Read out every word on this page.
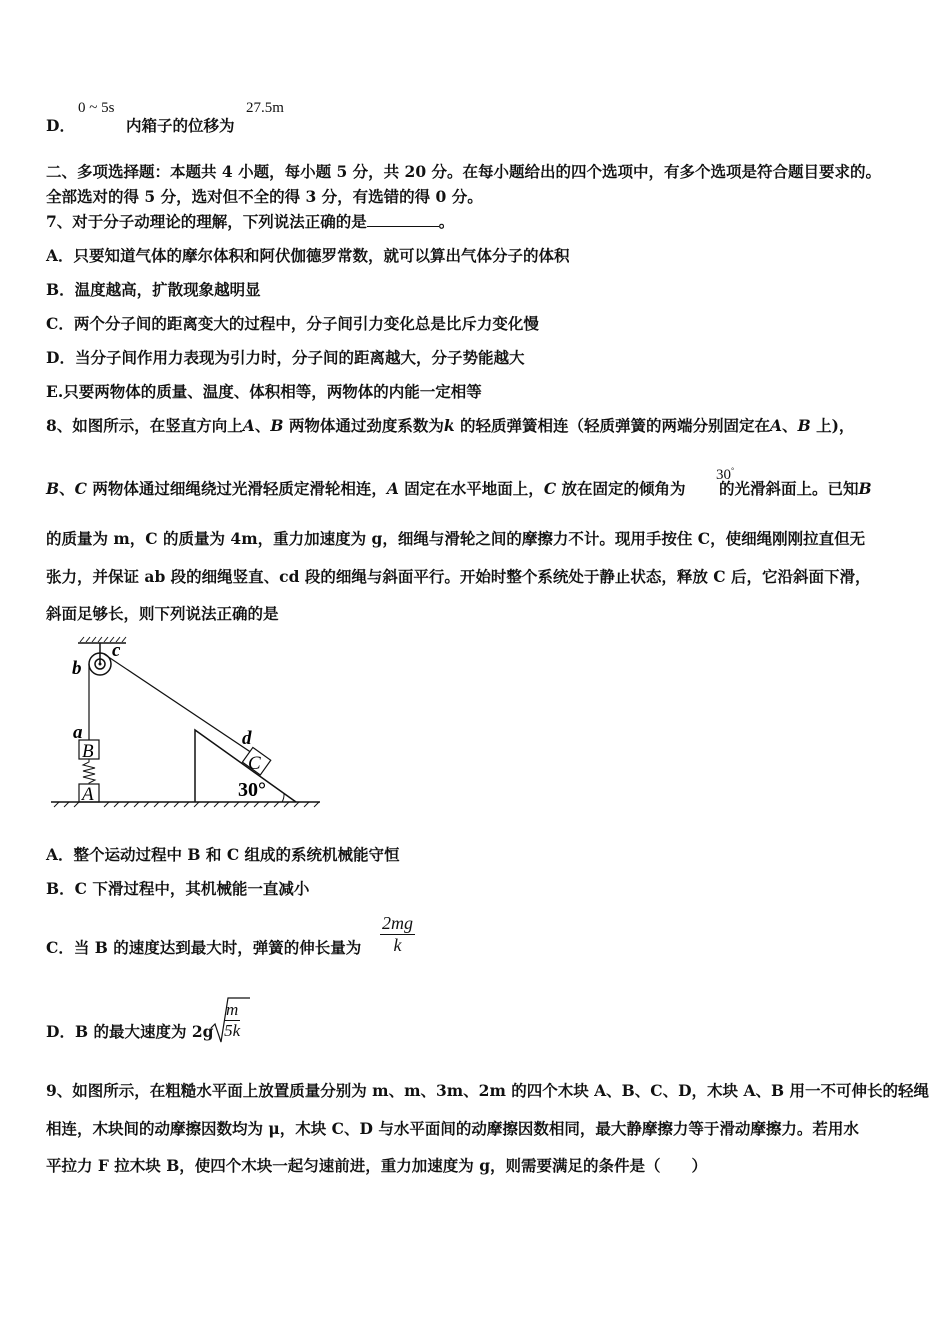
D．
0 ~ 5s
内箱子的位移为
27.5m
二、多项选择题：本题共 4 小题，每小题 5 分，共 20 分。在每小题给出的四个选项中，有多个选项是符合题目要求的。
全部选对的得 5 分，选对但不全的得 3 分，有选错的得 0 分。
7、对于分子动理论的理解，下列说法正确的是	。
A．只要知道气体的摩尔体积和阿伏伽德罗常数，就可以算出气体分子的体积
B．温度越高，扩散现象越明显
C．两个分子间的距离变大的过程中，分子间引力变化总是比斥力变化慢
D．当分子间作用力表现为引力时，分子间的距离越大，分子势能越大
E.只要两物体的质量、温度、体积相等，两物体的内能一定相等
8、如图所示，在竖直方向上A、B 两物体通过劲度系数为k 的轻质弹簧相连（轻质弹簧的两端分别固定在A、B 上)，
B、C 两物体通过细绳绕过光滑轻质定滑轮相连，A 固定在水平地面上，C 放在固定的倾角为 的光滑斜面上。已知B
30°
的质量为 m，C 的质量为 4m，重力加速度为 g，细绳与滑轮之间的摩擦力不计。现用手按住 C，使细绳刚刚拉直但无
张力，并保证 ab 段的细绳竖直、cd 段的细绳与斜面平行。开始时整个系统处于静止状态，释放 C 后，它沿斜面下滑，
斜面足够长，则下列说法正确的是
b
c
a	d
B
A
C
30°
A．整个运动过程中 B 和 C 组成的系统机械能守恒
B．C 下滑过程中，其机械能一直减小
C．当 B 的速度达到最大时，弹簧的伸长量为 $\frac{2mg}{k}$
D．B 的最大速度为 $2g \frac{m}{5k}$
9、如图所示，在粗糙水平面上放置质量分别为 m、m、3m、2m 的四个木块 A、B、C、D，木块 A、B 用一不可伸长的轻绳
相连，木块间的动摩擦因数均为 μ，木块 C、D 与水平面间的动摩擦因数相同，最大静摩擦力等于滑动摩擦力。若用水
平拉力 F 拉木块 B，使四个木块一起匀速前进，重力加速度为 g，则需要满足的条件是（　　）
